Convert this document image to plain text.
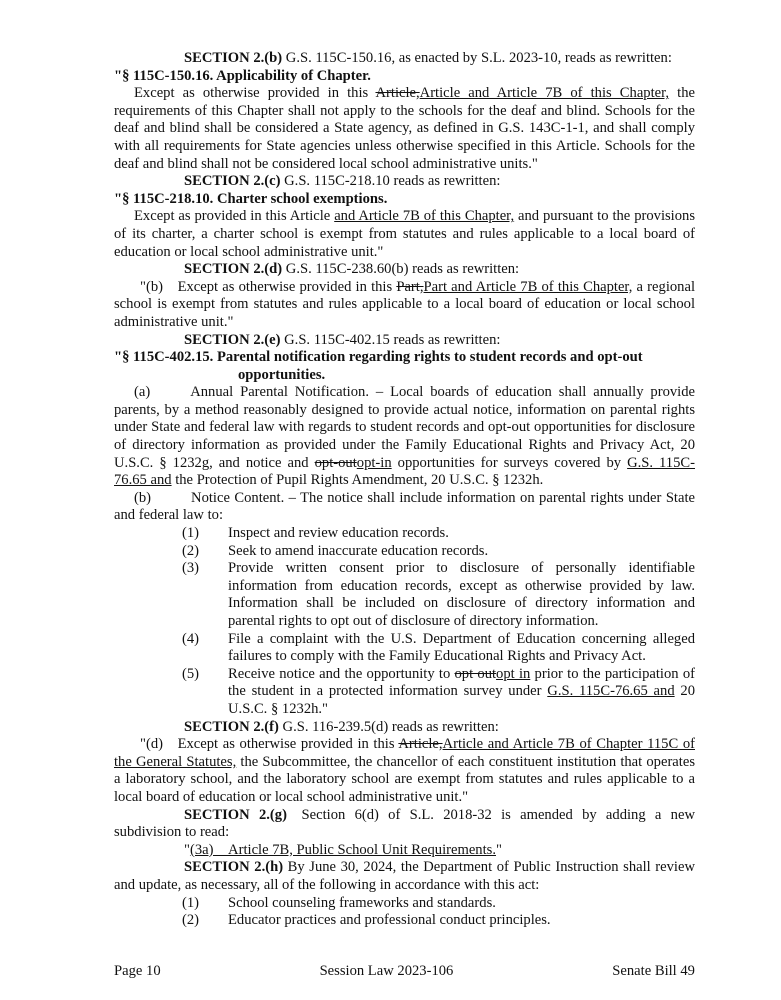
SECTION 2.(b) G.S. 115C-150.16, as enacted by S.L. 2023-10, reads as rewritten:

"§ 115C-150.16. Applicability of Chapter.

Except as otherwise provided in this Article,Article and Article 7B of this Chapter, the requirements of this Chapter shall not apply to the schools for the deaf and blind. Schools for the deaf and blind shall be considered a State agency, as defined in G.S. 143C-1-1, and shall comply with all requirements for State agencies unless otherwise specified in this Article. Schools for the deaf and blind shall not be considered local school administrative units."

SECTION 2.(c) G.S. 115C-218.10 reads as rewritten:

"§ 115C-218.10. Charter school exemptions.

Except as provided in this Article and Article 7B of this Chapter, and pursuant to the provisions of its charter, a charter school is exempt from statutes and rules applicable to a local board of education or local school administrative unit."

SECTION 2.(d) G.S. 115C-238.60(b) reads as rewritten:

"(b) Except as otherwise provided in this Part,Part and Article 7B of this Chapter, a regional school is exempt from statutes and rules applicable to a local board of education or local school administrative unit."

SECTION 2.(e) G.S. 115C-402.15 reads as rewritten:

"§ 115C-402.15. Parental notification regarding rights to student records and opt-out opportunities.

(a)	Annual Parental Notification. – Local boards of education shall annually provide parents, by a method reasonably designed to provide actual notice, information on parental rights under State and federal law with regards to student records and opt-out opportunities for disclosure of directory information as provided under the Family Educational Rights and Privacy Act, 20 U.S.C. § 1232g, and notice and opt-outopt-in opportunities for surveys covered by G.S. 115C-76.65 and the Protection of Pupil Rights Amendment, 20 U.S.C. § 1232h.

(b)	Notice Content. – The notice shall include information on parental rights under State and federal law to:

(1)	Inspect and review education records.
(2)	Seek to amend inaccurate education records.
(3)	Provide written consent prior to disclosure of personally identifiable information from education records, except as otherwise provided by law. Information shall be included on disclosure of directory information and parental rights to opt out of disclosure of directory information.
(4)	File a complaint with the U.S. Department of Education concerning alleged failures to comply with the Family Educational Rights and Privacy Act.
(5)	Receive notice and the opportunity to opt outopt in prior to the participation of the student in a protected information survey under G.S. 115C-76.65 and 20 U.S.C. § 1232h."

SECTION 2.(f) G.S. 116-239.5(d) reads as rewritten:

"(d) Except as otherwise provided in this Article,Article and Article 7B of Chapter 115C of the General Statutes, the Subcommittee, the chancellor of each constituent institution that operates a laboratory school, and the laboratory school are exempt from statutes and rules applicable to a local board of education or local school administrative unit."

SECTION 2.(g) Section 6(d) of S.L. 2018-32 is amended by adding a new subdivision to read:

"(3a) Article 7B, Public School Unit Requirements."

SECTION 2.(h) By June 30, 2024, the Department of Public Instruction shall review and update, as necessary, all of the following in accordance with this act:

(1)	School counseling frameworks and standards.
(2)	Educator practices and professional conduct principles.
Page 10	Session Law 2023-106	Senate Bill 49
